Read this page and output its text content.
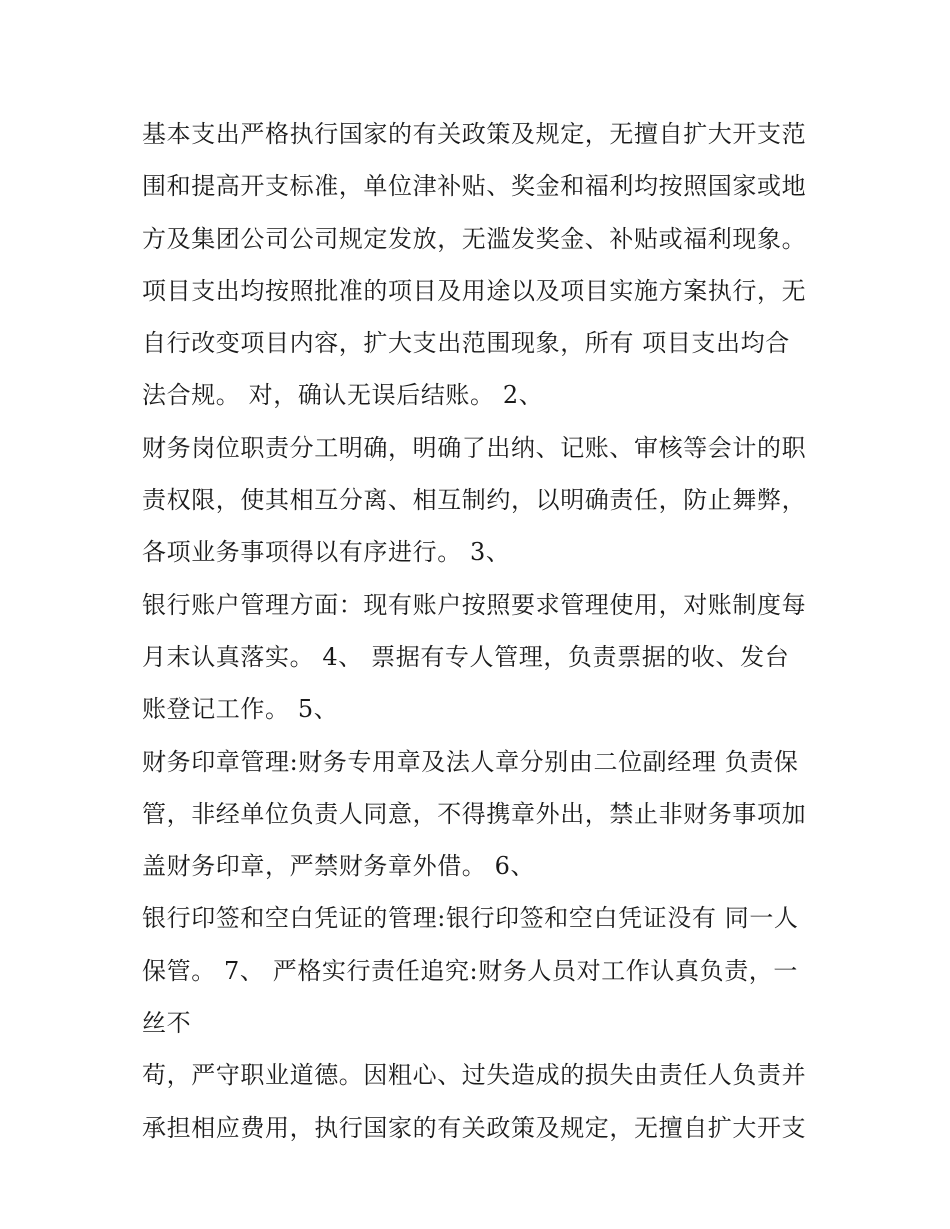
基本支出严格执行国家的有关政策及规定，无擅自扩大开支范
围和提高开支标准，单位津补贴、奖金和福利均按照国家或地
方及集团公司公司规定发放，无滥发奖金、补贴或福利现象。
项目支出均按照批准的项目及用途以及项目实施方案执行，无
自行改变项目内容，扩大支出范围现象，所有 项目支出均合
法合规。 对，确认无误后结账。 2、
财务岗位职责分工明确，明确了出纳、记账、审核等会计的职
责权限，使其相互分离、相互制约，以明确责任，防止舞弊，
各项业务事项得以有序进行。 3、
银行账户管理方面：现有账户按照要求管理使用，对账制度每
月末认真落实。 4、 票据有专人管理，负责票据的收、发台
账登记工作。 5、
财务印章管理:财务专用章及法人章分别由二位副经理 负责保
管，非经单位负责人同意，不得携章外出，禁止非财务事项加
盖财务印章，严禁财务章外借。 6、
银行印签和空白凭证的管理:银行印签和空白凭证没有 同一人
保管。 7、 严格实行责任追究:财务人员对工作认真负责，一
丝不
苟，严守职业道德。因粗心、过失造成的损失由责任人负责并
承担相应费用，执行国家的有关政策及规定，无擅自扩大开支
